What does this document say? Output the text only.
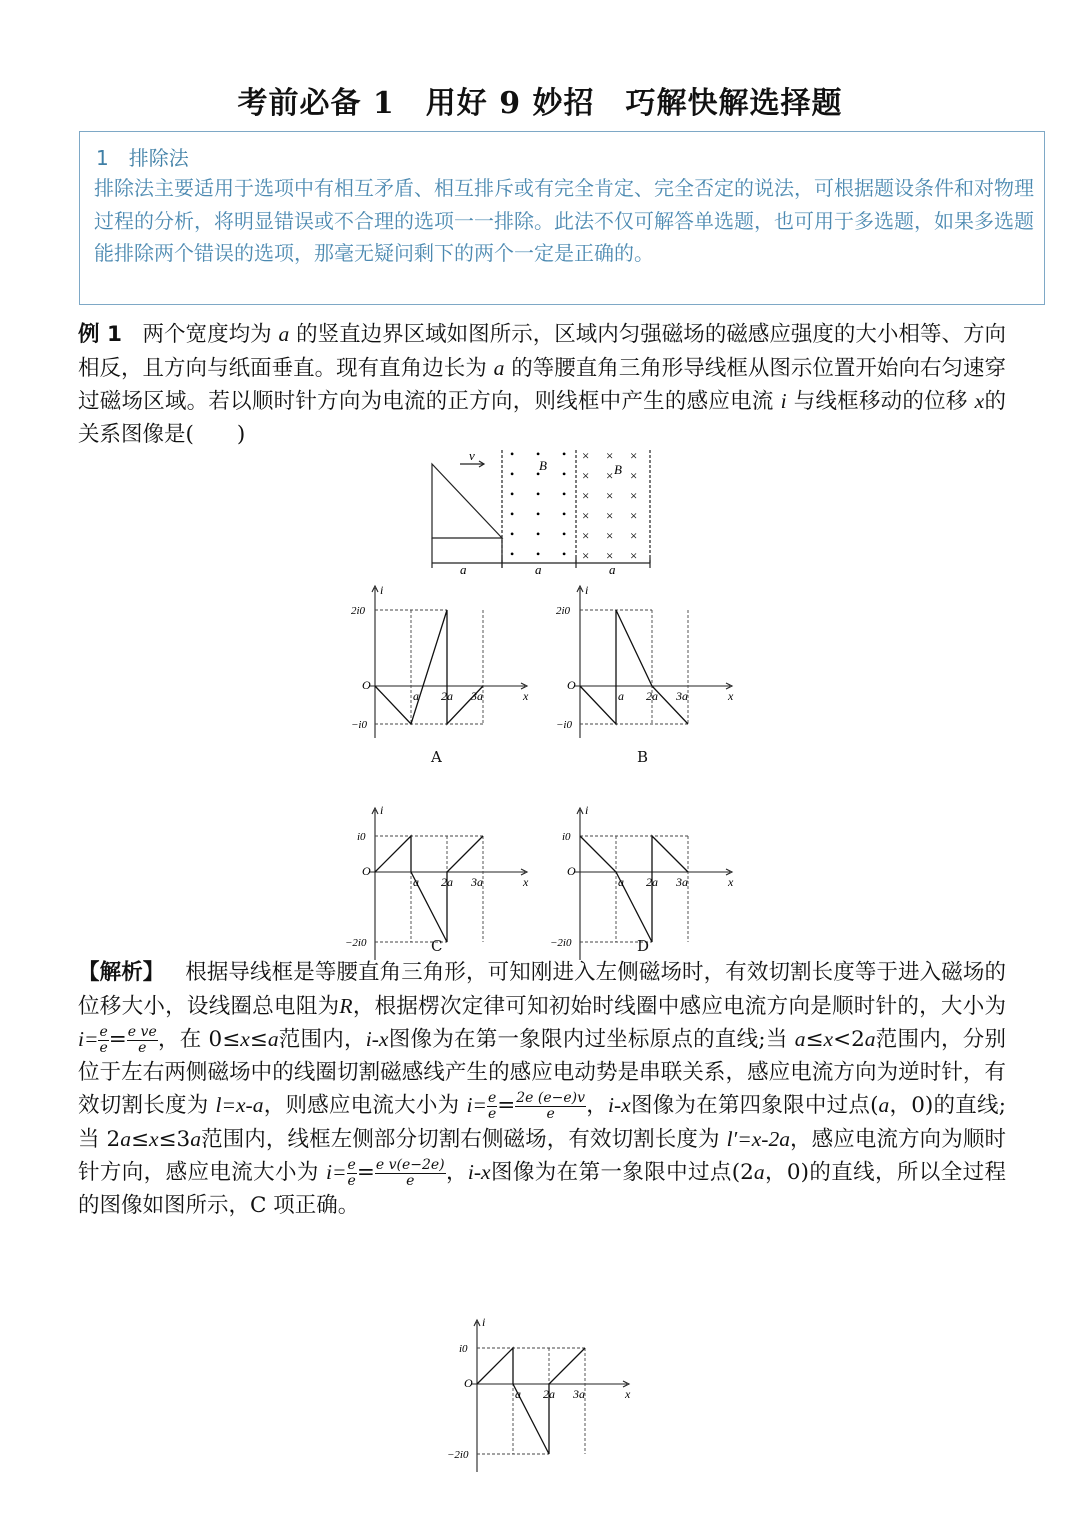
考前必备 1　用好 9 妙招　巧解快解选择题
1　排除法
排除法主要适用于选项中有相互矛盾、相互排斥或有完全肯定、完全否定的说法，可根据题设条件和对物理过程的分析，将明显错误或不合理的选项一一排除。此法不仅可解答单选题，也可用于多选题，如果多选题能排除两个错误的选项，那毫无疑问剩下的两个一定是正确的。
例 1 两个宽度均为 a 的竖直边界区域如图所示，区域内匀强磁场的磁感应强度的大小相等、方向相反，且方向与纸面垂直。现有直角边长为 a 的等腰直角三角形导线框从图示位置开始向右匀速穿过磁场区域。若以顺时针方向为电流的正方向，则线框中产生的感应电流 i 与线框移动的位移 x的关系图像是(　　)
v
B	B
a	a	a
• • •
• • •
• • •
• • •
• • •
• • •
× × ×
× × ×
× × ×
× × ×
× × ×
× × ×
i
x
O
a 2a 3a
2i0
−i0
i
x
O
a 2a 3a
2i0
−i0
i
x
O
a 2a 3a
i0
−2i0
i
x
O
a 2a 3a
i0
−2i0
i
x
O
a 2a 3a
i0
−2i0
A	B
C	D
【解析】 根据导线框是等腰直角三角形，可知刚进入左侧磁场时，有效切割长度等于进入磁场的位移大小，设线圈总电阻为R，根据楞次定律可知初始时线圈中感应电流方向是顺时针的，大小为$i= \frac{e}{e} = \frac{\text{e ve}}{e}$ ，在 0≤x≤a范围内，i-x图像为在第一象限内过坐标原点的直线;当 a≤x<2a范围内，分别位于左右两侧磁场中的线圈切割磁感线产生的感应电动势是串联关系，感应电流方向为逆时针，有效切割长度为 l=x-a，则感应电流大小为 $i= \frac{e}{e} = \frac{2e (e-e)v}{e}$ ，i-x图像为在第四象限中过点(a，0)的直线;当 2a≤x≤3a范围内，线框左侧部分切割右侧磁场，有效切割长度为 l′=x-2a，感应电流方向为顺时针方向，感应电流大小为 $i= \frac{e}{e} = \frac{\text{e v(e−2e)}}{e}$ ，i-x图像为在第一象限中过点(2a，0)的直线，所以全过程的图像如图所示，C 项正确。
